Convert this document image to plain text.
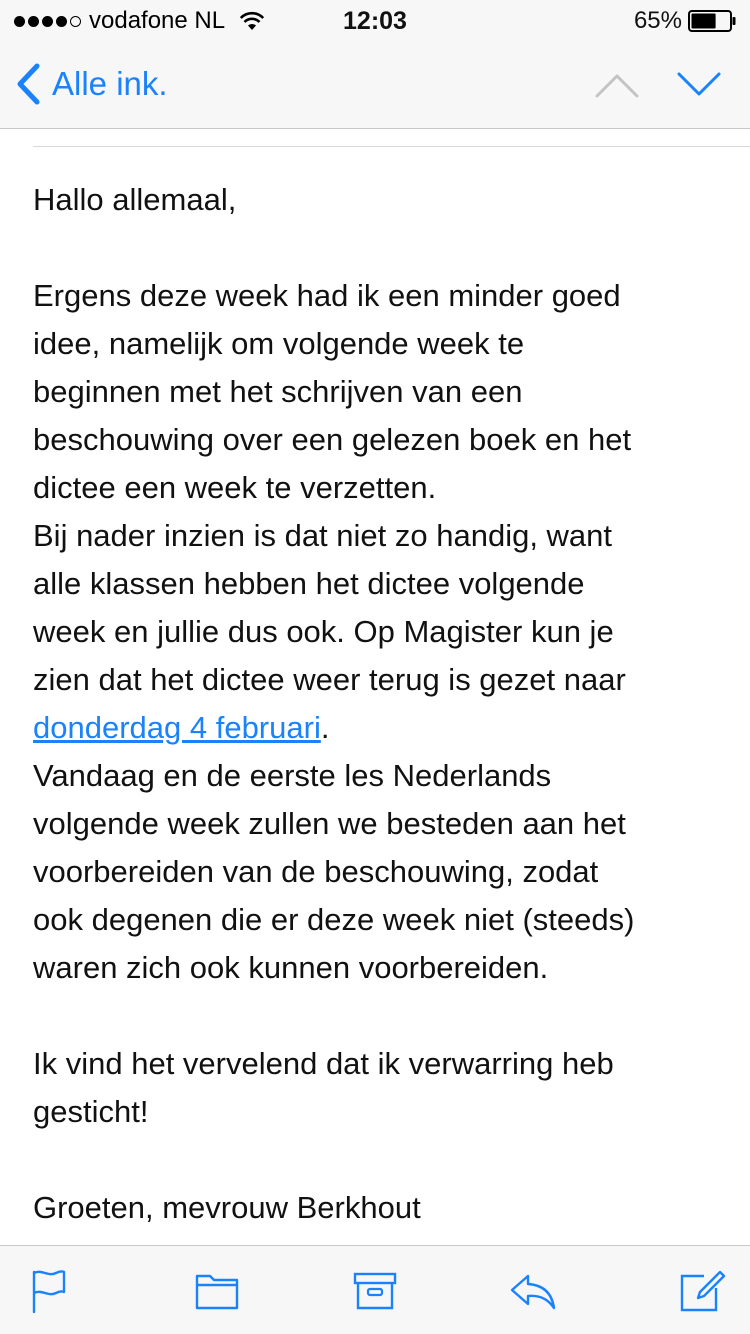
vodafone NL	12:03	65%
Alle ink.

Hallo allemaal,

Ergens deze week had ik een minder goed

idee, namelijk om volgende week te

beginnen met het schrijven van een

beschouwing over een gelezen boek en het

dictee een week te verzetten.

Bij nader inzien is dat niet zo handig, want

alle klassen hebben het dictee volgende

week en jullie dus ook. Op Magister kun je

zien dat het dictee weer terug is gezet naar

donderdag 4 februari.

Vandaag en de eerste les Nederlands

volgende week zullen we besteden aan het

voorbereiden van de beschouwing, zodat

ook degenen die er deze week niet (steeds)

waren zich ook kunnen voorbereiden.

Ik vind het vervelend dat ik verwarring heb

gesticht!

Groeten, mevrouw Berkhout
